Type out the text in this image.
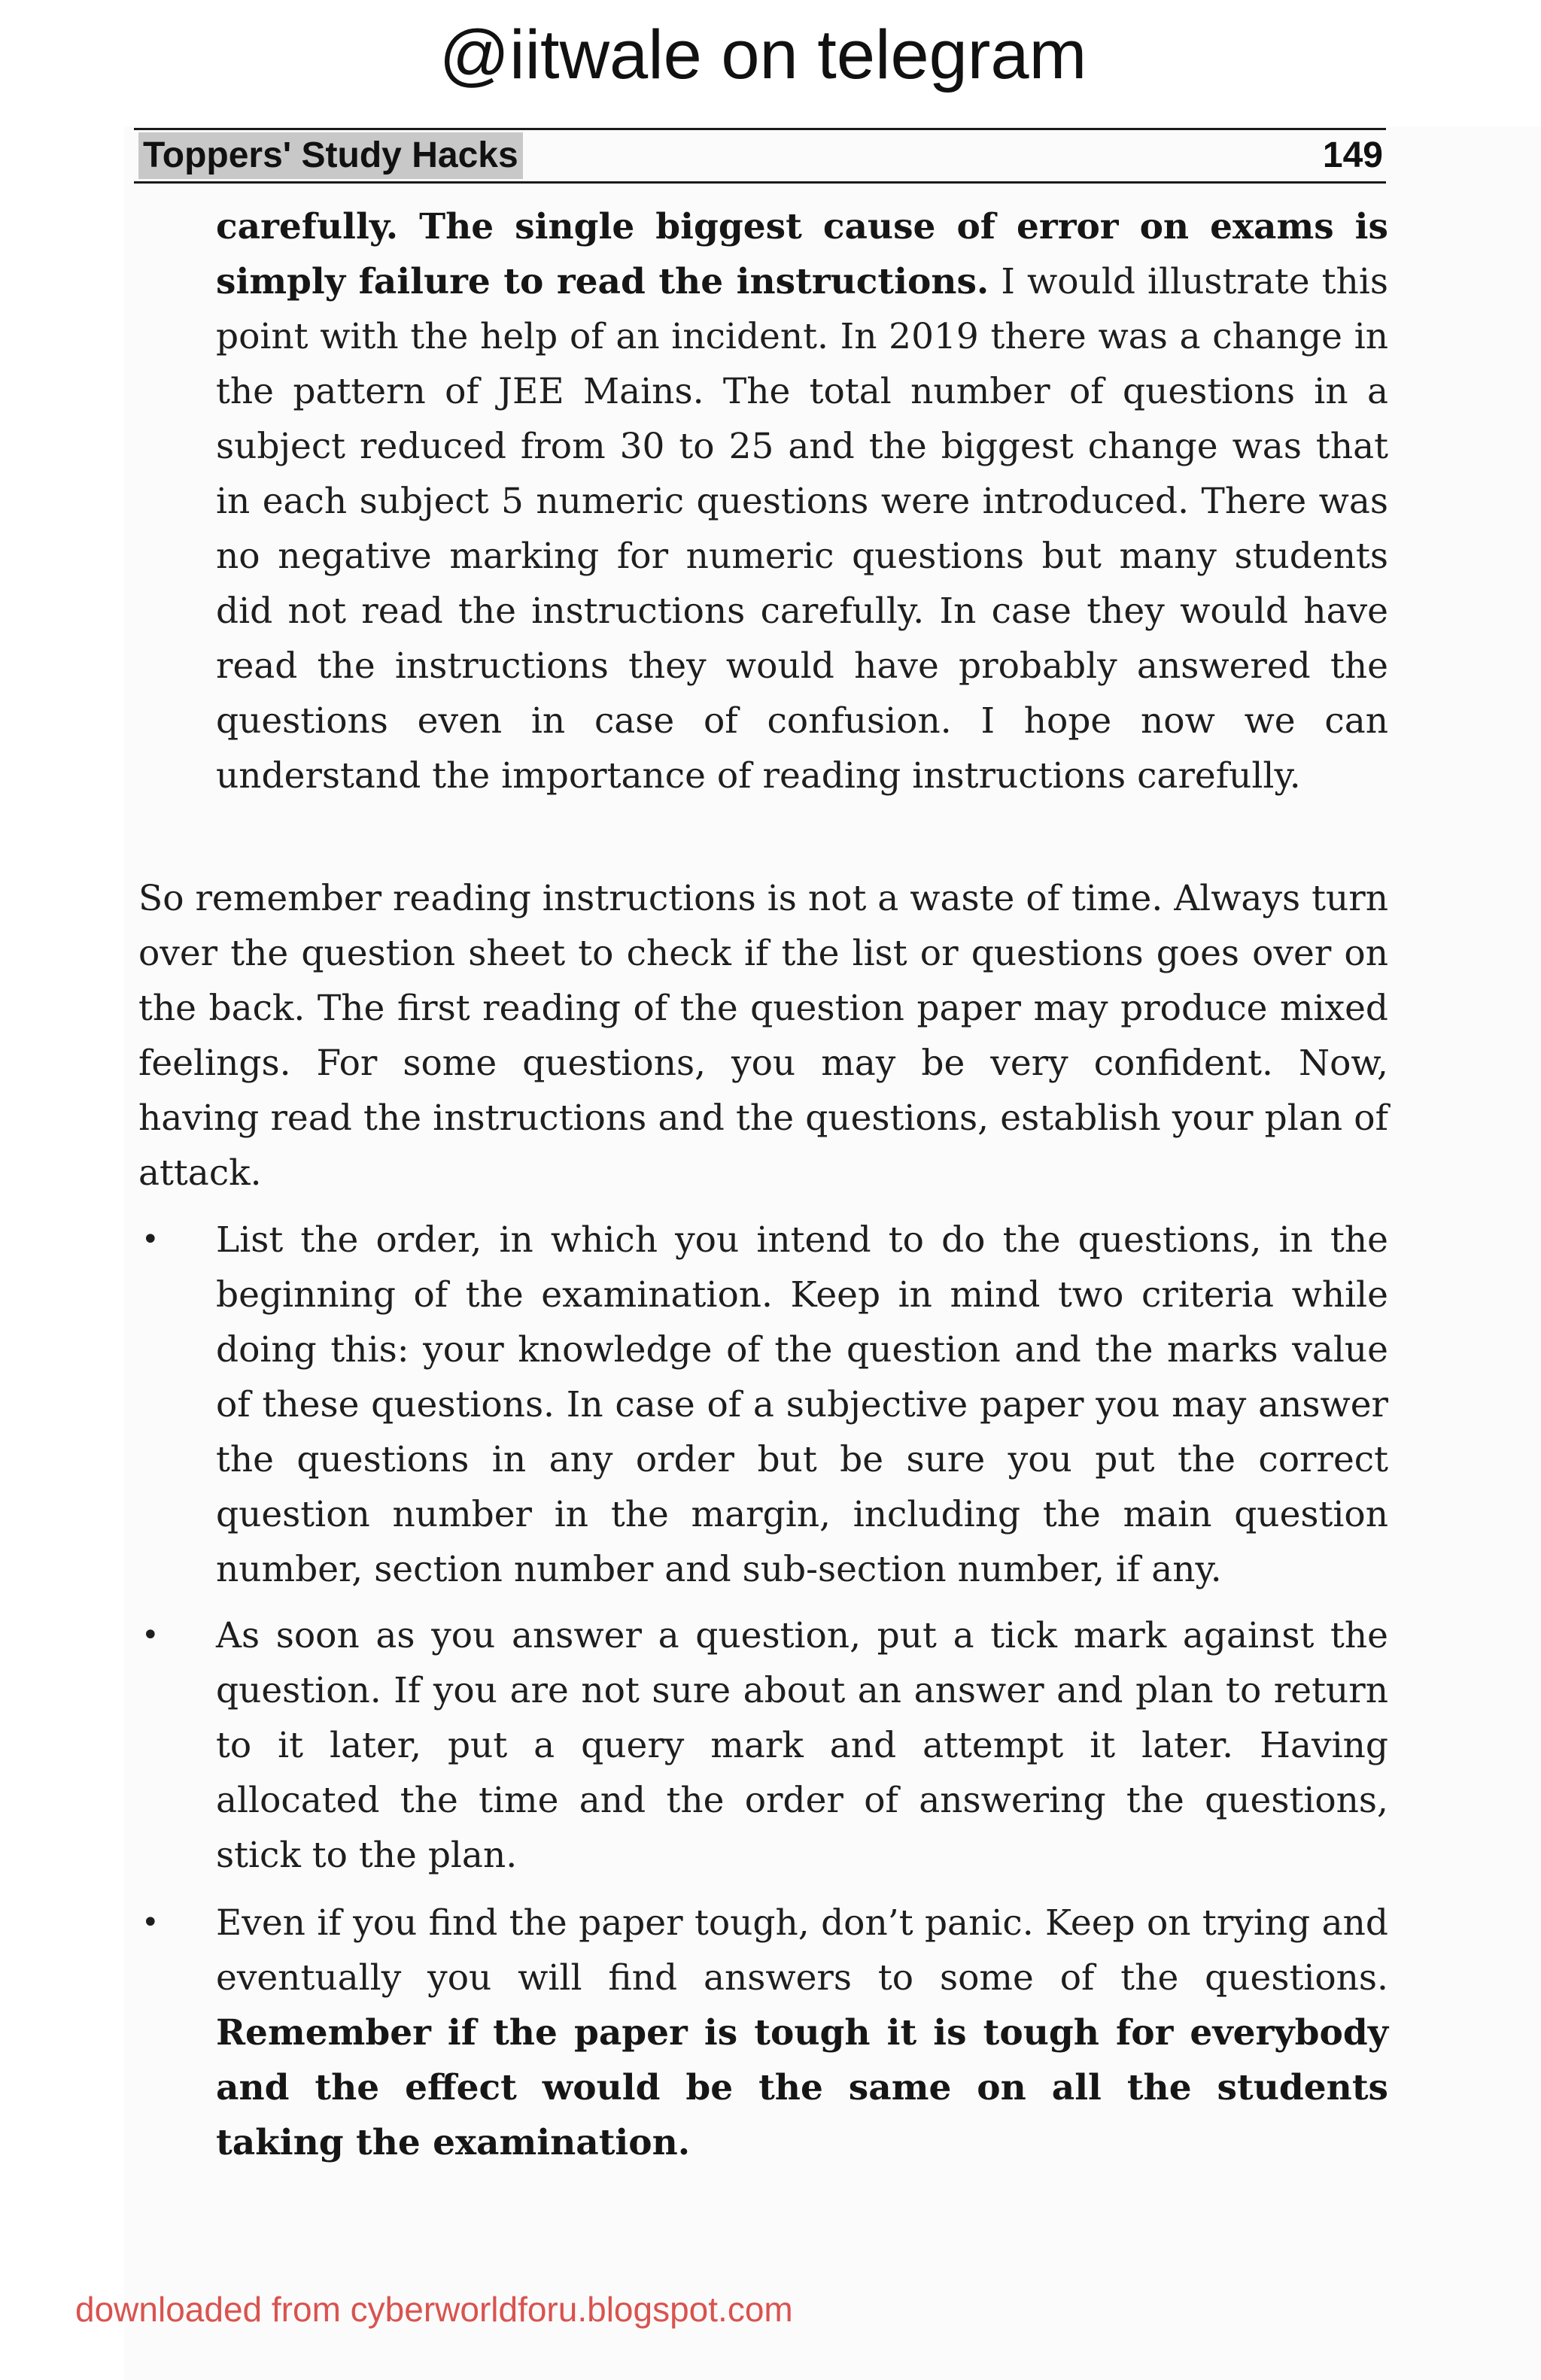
@iitwale on telegram
Toppers' Study Hacks	149

carefully. The single biggest cause of error on exams is simply failure to read the instructions. I would illustrate this point with the help of an incident. In 2019 there was a change in the pattern of JEE Mains. The total number of questions in a subject reduced from 30 to 25 and the biggest change was that in each subject 5 numeric questions were introduced. There was no negative marking for numeric questions but many students did not read the instructions carefully. In case they would have read the instructions they would have probably answered the questions even in case of confusion. I hope now we can understand the importance of reading instructions carefully.

So remember reading instructions is not a waste of time. Always turn over the question sheet to check if the list or questions goes over on the back. The first reading of the question paper may produce mixed feelings. For some questions, you may be very confident. Now, having read the instructions and the questions, establish your plan of attack.

• List the order, in which you intend to do the questions, in the beginning of the examination. Keep in mind two criteria while doing this: your knowledge of the question and the marks value of these questions. In case of a subjective paper you may answer the questions in any order but be sure you put the correct question number in the margin, including the main question number, section number and sub-section number, if any.

• As soon as you answer a question, put a tick mark against the question. If you are not sure about an answer and plan to return to it later, put a query mark and attempt it later. Having allocated the time and the order of answering the questions, stick to the plan.

• Even if you find the paper tough, don’t panic. Keep on trying and eventually you will find answers to some of the questions. Remember if the paper is tough it is tough for everybody and the effect would be the same on all the students taking the examination.

downloaded from cyberworldforu.blogspot.com
